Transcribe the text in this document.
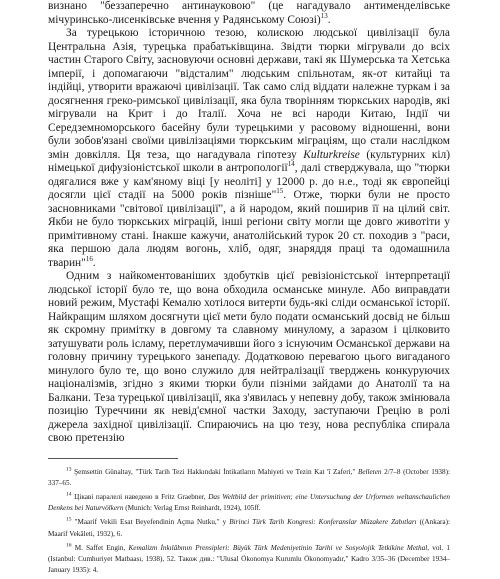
визнано "беззаперечно антинауковою" (це нагадувало антименделівське мічуринсько-лисенківське вчення у Радянському Союзі)$^{13}$.

За турецькою історичною тезою, колискою людської цивілізації була Центральна Азія, турецька прабатьківщина. Звідти тюрки мігрували до всіх частин Старого Світу, засновуючи основні держави, такі як Шумерська та Хетська імперії, і допомагаючи "відсталим" людським спільнотам, як-от китайці та індійці, утворити вражаючі цивілізації. Так само слід віддати належне туркам і за досягнення греко-римської цивілізації, яка була творінням тюркських народів, які мігрували на Крит і до Італії. Хоча не всі народи Китаю, Індії чи Середземноморського басейну були турецькими у расовому відношенні, вони були зобов'язані своїми цивілізаціями тюркським міграціям, що стали наслідком змін довкілля. Ця теза, що нагадувала гіпотезу Kulturkreise (культурних кіл) німецької дифузіоністської школи в антропології$^{14}$, далі стверджувала, що "тюрки одягалися вже у кам'яному віці [у неоліті] у 12000 р. до н.е., тоді як європейці досягли цієї стадії на 5000 років пізніше"$^{15}$. Отже, тюрки були не просто засновниками "світової цивілізації", а й народом, який поширив її на цілий світ. Якби не було тюркських міграцій, інші регіони світу могли ще довго животіти у примітивному стані. Інакше кажучи, анатолійський турок 20 ст. походив з "раси, яка першою дала людям вогонь, хліб, одяг, знаряддя праці та одомашнила тварин"$^{16}$.

Одним з найкоментованіших здобутків цієї ревізіоністської інтерпретації людської історії було те, що вона обходила османське минуле. Або виправдати новий режим, Мустафі Кемалю хотілося витерти будь-які сліди османської історії. Найкращим шляхом досягнути цієї мети було подати османський досвід не більш як скромну примітку в довгому та славному минулому, а заразом і цілковито затушувати роль ісламу, перетлумачивши його з існуючим Османської держави на головну причину турецького занепаду. Додатковою перевагою цього вигаданого минулого було те, що воно служило для нейтралізації тверджень конкуруючих націоналізмів, згідно з якими тюрки були пізніми зайдами до Анатолії та на Балкани. Теза турецької цивілізації, яка з'явилась у непевну добу, також змінювала позицію Туреччини як невід'ємної частки Заходу, заступаючи Грецію в ролі джерела західної цивілізації. Спираючись на цю тезу, нова республіка спирала свою претензію

$^{13}$ Şemsettin Günaltay, "Türk Tarih Tezi Hakkındaki İntikatların Mahiyeti ve Tezin Kat 'î Zaferi," Belleten 2/7–8 (October 1938): 337–65.

$^{14}$ Цікаві паралелі наведено в Fritz Graebner, Das Weltbild der primitiven; eine Untersuchung der Urformen weltanschaulichen Denkens bei Naturvölkern (Munich: Verlag Ernst Reinhardt, 1924), 105ff.

$^{15}$ "Maarif Vekili Esat Beyefendinin Açma Nutku," у Birinci Türk Tarih Kongresi: Konferanslar Müzakere Zabıtları ((Ankara): Maarif Vekâleti, 1932), 6.

$^{16}$ M. Saffet Engin, Kemalizm İnkılâbının Prensipleri: Büyük Türk Medeniyetinin Tarihi ve Sosyolojik Tetkikine Methal, vol. 1 (Istanbul: Cumhuriyet Matbaası, 1938), 52. Також див.: "Ulusal Ökonomya Kurumlu Ökonomyadır," Kadro 3/35–36 (December 1934–January 1935): 4.
